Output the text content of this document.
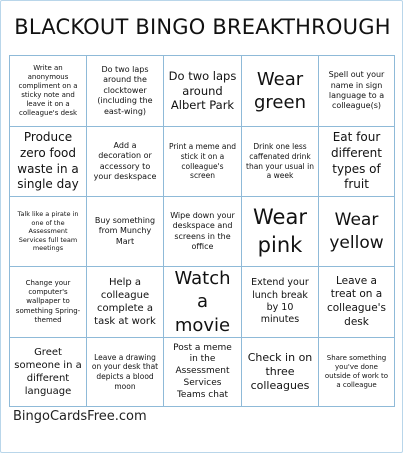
BLACKOUT BINGO BREAKTHROUGH
Write an anonymous compliment on a sticky note and leave it on a colleague's desk
Do two laps around the clocktower (including the east-wing)
Do two laps around Albert Park
Wear green
Spell out your name in sign language to a colleague(s)
Produce zero food waste in a single day
Add a decoration or accessory to your deskspace
Print a meme and stick it on a colleague's screen
Drink one less caffenated drink than your usual in a week
Eat four different types of fruit
Talk like a pirate in one of the Assessment Services full team meetings
Buy something from Munchy Mart
Wipe down your deskspace and screens in the office
Wear pink
Wear yellow
Change your computer's wallpaper to something Spring-themed
Help a colleague complete a task at work
Watch a movie
Extend your lunch break by 10 minutes
Leave a treat on a colleague's desk
Greet someone in a different language
Leave a drawing on your desk that depicts a blood moon
Post a meme in the Assessment Services Teams chat
Check in on three colleagues
Share something you've done outside of work to a colleague
BingoCardsFree.com
